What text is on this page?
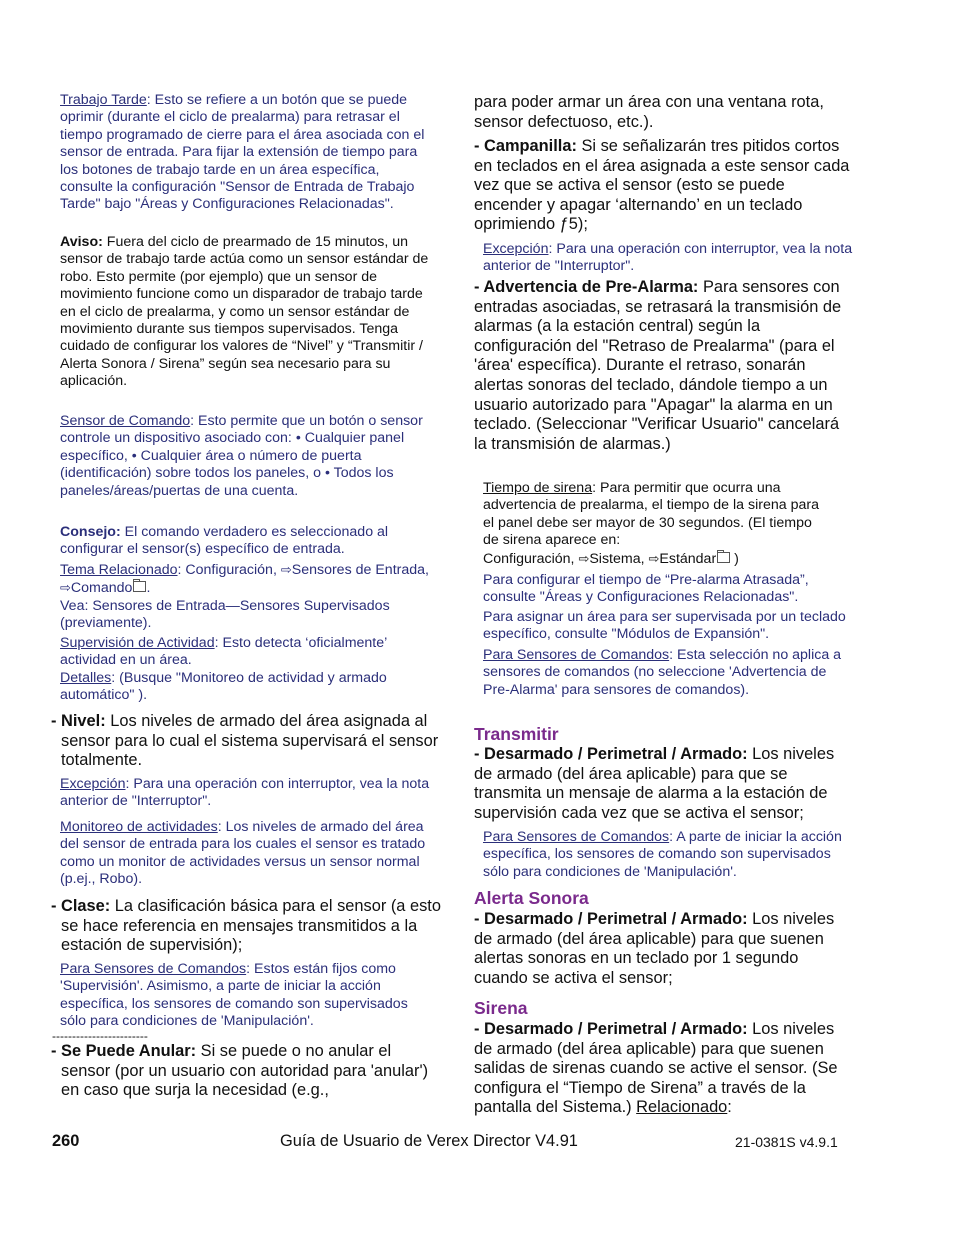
Trabajo Tarde: Esto se refiere a un botón que se puede oprimir (durante el ciclo de prealarma) para retrasar el tiempo programado de cierre para el área asociada con el sensor de entrada. Para fijar la extensión de tiempo para los botones de trabajo tarde en un área específica, consulte la configuración "Sensor de Entrada de Trabajo Tarde" bajo "Áreas y Configuraciones Relacionadas".

Aviso: Fuera del ciclo de prearmado de 15 minutos, un sensor de trabajo tarde actúa como un sensor estándar de robo. Esto permite (por ejemplo) que un sensor de movimiento funcione como un disparador de trabajo tarde en el ciclo de prealarma, y como un sensor estándar de movimiento durante sus tiempos supervisados. Tenga cuidado de configurar los valores de “Nivel” y “Transmitir / Alerta Sonora / Sirena” según sea necesario para su aplicación.

Sensor de Comando: Esto permite que un botón o sensor controle un dispositivo asociado con: • Cualquier panel específico, • Cualquier área o número de puerta (identificación) sobre todos los paneles, o • Todos los paneles/áreas/puertas de una cuenta.

Consejo: El comando verdadero es seleccionado al configurar el sensor(s) específico de entrada.

Tema Relacionado: Configuración, ⇨Sensores de Entrada, ⇨Comando .
Vea: Sensores de Entrada—Sensores Supervisados (previamente).

Supervisión de Actividad: Esto detecta ‘oficialmente’ actividad en un área.
Detalles: (Busque "Monitoreo de actividad y armado automático" ).

- Nivel: Los niveles de armado del área asignada al sensor para lo cual el sistema supervisará el sensor totalmente.

Excepción: Para una operación con interruptor, vea la nota anterior de "Interruptor".

Monitoreo de actividades: Los niveles de armado del área del sensor de entrada para los cuales el sensor es tratado como un monitor de actividades versus un sensor normal (p.ej., Robo).

- Clase: La clasificación básica para el sensor (a esto se hace referencia en mensajes transmitidos a la estación de supervisión);

Para Sensores de Comandos: Estos están fijos como 'Supervisión'. Asimismo, a parte de iniciar la acción específica, los sensores de comando son supervisados sólo para condiciones de 'Manipulación'.

------------------------

- Se Puede Anular: Si se puede o no anular el sensor (por un usuario con autoridad para 'anular') en caso que surja la necesidad (e.g.,

para poder armar un área con una ventana rota, sensor defectuoso, etc.).

- Campanilla: Si se señalizarán tres pitidos cortos en teclados en el área asignada a este sensor cada vez que se activa el sensor (esto se puede encender y apagar ‘alternando’ en un teclado oprimiendo ƒ5);

Excepción: Para una operación con interruptor, vea la nota anterior de "Interruptor".

- Advertencia de Pre-Alarma: Para sensores con entradas asociadas, se retrasará la transmisión de alarmas (a la estación central) según la configuración del "Retraso de Prealarma" (para el 'área' específica). Durante el retraso, sonarán alertas sonoras del teclado, dándole tiempo a un usuario autorizado para "Apagar" la alarma en un teclado. (Seleccionar "Verificar Usuario" cancelará la transmisión de alarmas.)

Tiempo de sirena: Para permitir que ocurra una advertencia de prealarma, el tiempo de la sirena para el panel debe ser mayor de 30 segundos. (El tiempo de sirena aparece en:
Configuración, ⇨Sistema, ⇨Estándar )

Para configurar el tiempo de “Pre-alarma Atrasada”, consulte "Áreas y Configuraciones Relacionadas".

Para asignar un área para ser supervisada por un teclado específico, consulte "Módulos de Expansión".

Para Sensores de Comandos: Esta selección no aplica a sensores de comandos (no seleccione 'Advertencia de Pre-Alarma' para sensores de comandos).

Transmitir

- Desarmado / Perimetral / Armado: Los niveles de armado (del área aplicable) para que se transmita un mensaje de alarma a la estación de supervisión cada vez que se activa el sensor;

Para Sensores de Comandos: A parte de iniciar la acción específica, los sensores de comando son supervisados sólo para condiciones de 'Manipulación'.

Alerta Sonora

- Desarmado / Perimetral / Armado: Los niveles de armado (del área aplicable) para que suenen alertas sonoras en un teclado por 1 segundo cuando se activa el sensor;

Sirena

- Desarmado / Perimetral / Armado: Los niveles de armado (del área aplicable) para que suenen salidas de sirenas cuando se active el sensor. (Se configura el “Tiempo de Sirena” a través de la pantalla del Sistema.) Relacionado:

260	Guía de Usuario de Verex Director V4.91	21-0381S v4.9.1
